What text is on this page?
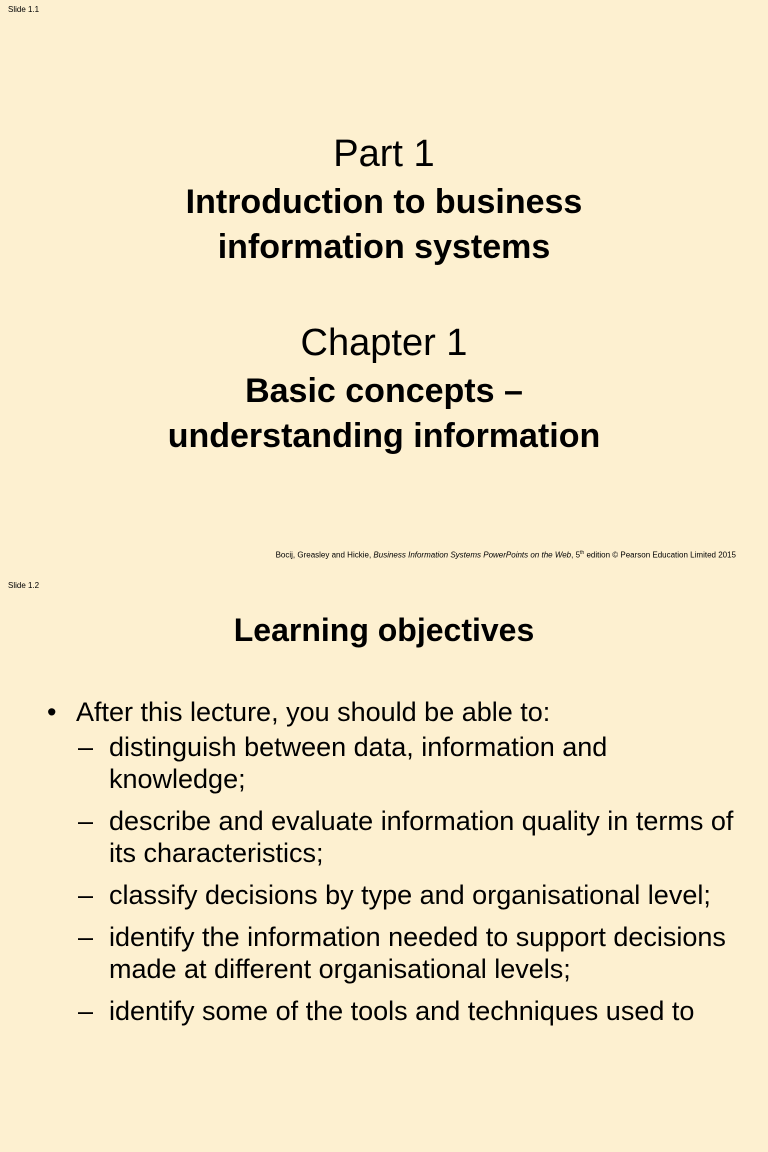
Slide 1.1
Part 1
Introduction to business
information systems
Chapter 1
Basic concepts –
understanding information
Bocij, Greasley and Hickie, Business Information Systems PowerPoints on the Web, 5th edition © Pearson Education Limited 2015
Slide 1.2
Learning objectives
• After this lecture, you should be able to:
– distinguish between data, information and knowledge;
– describe and evaluate information quality in terms of its characteristics;
– classify decisions by type and organisational level;
– identify the information needed to support decisions made at different organisational levels;
– identify some of the tools and techniques used to
